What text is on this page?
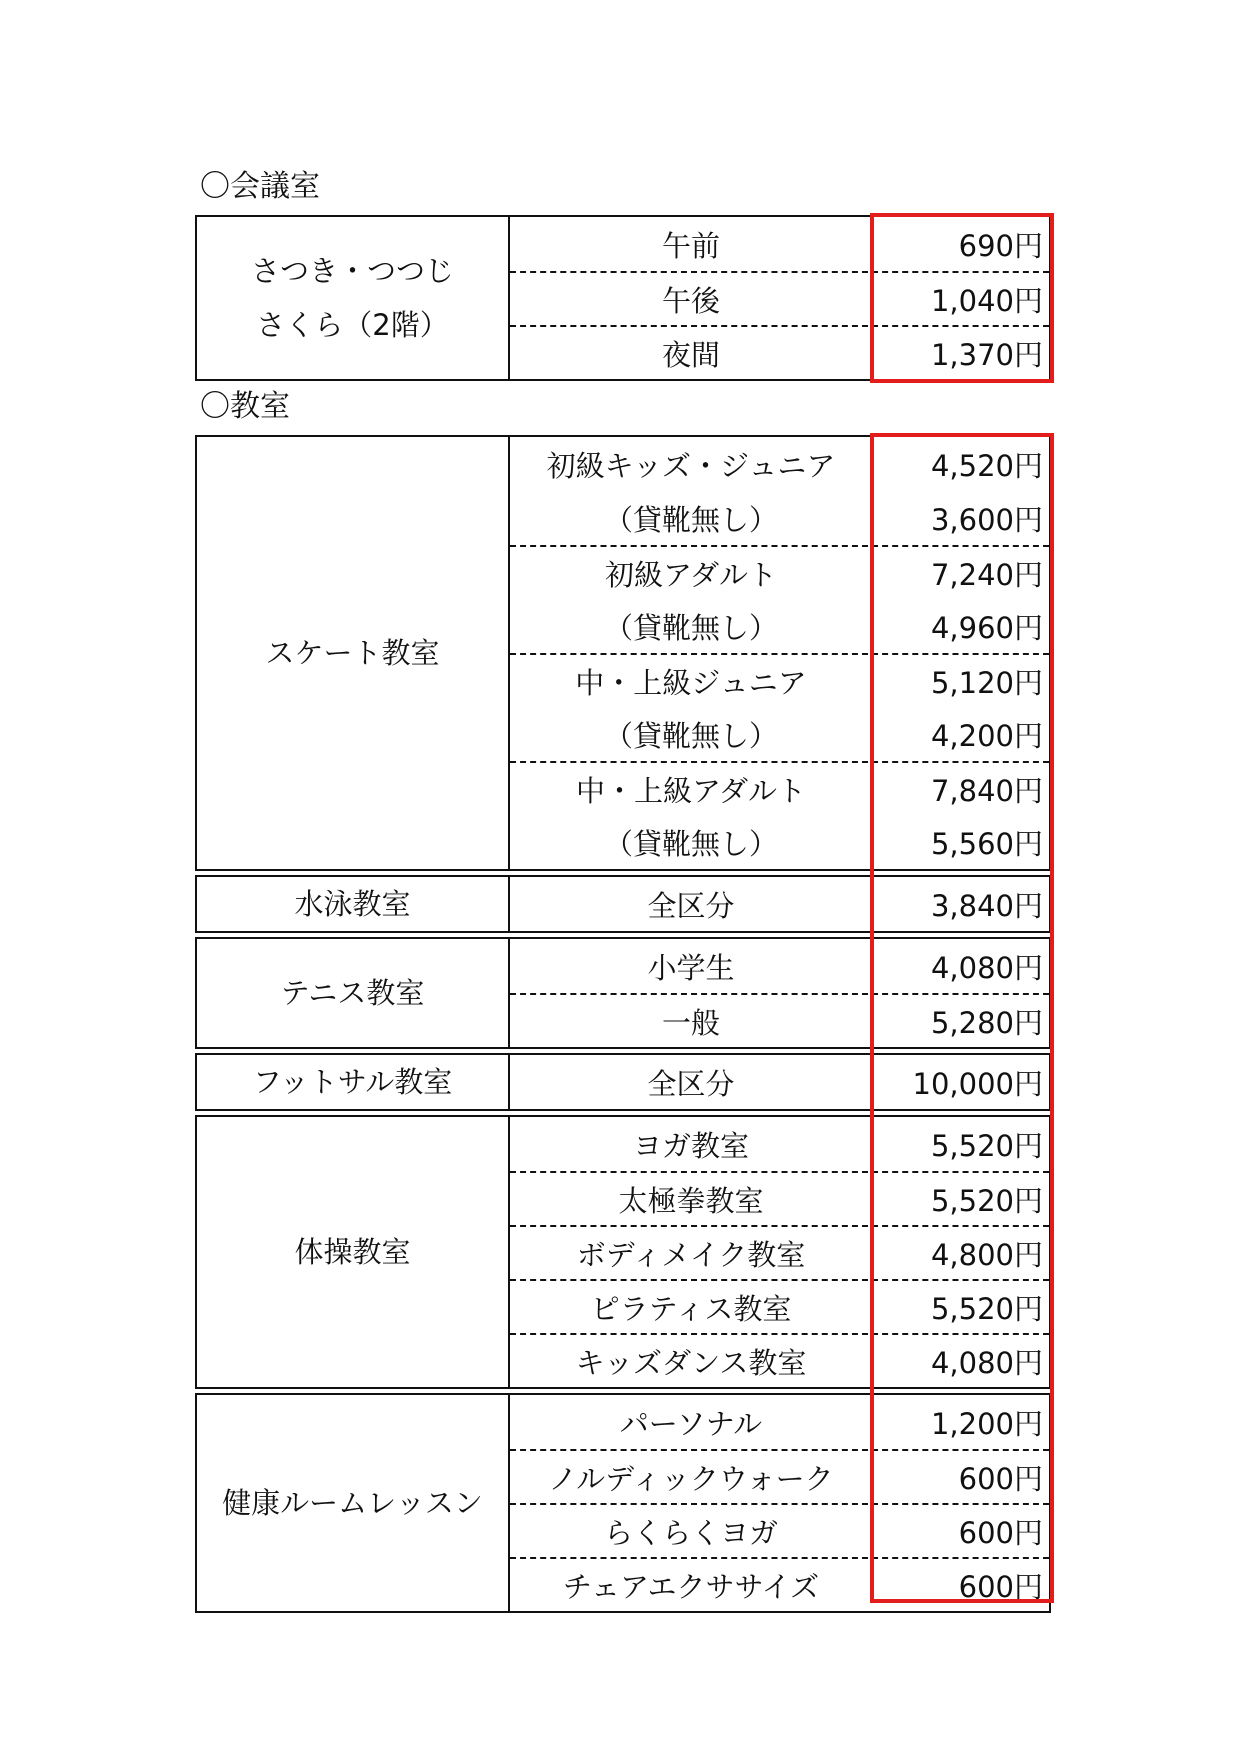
〇会議室
さつき・つつじ
さくら（2階）
午前	690円
午後	1,040円
夜間	1,370円
〇教室
スケート教室
初級キッズ・ジュニア	4,520円
（貸靴無し）	3,600円
初級アダルト	7,240円
（貸靴無し）	4,960円
中・上級ジュニア	5,120円
（貸靴無し）	4,200円
中・上級アダルト	7,840円
（貸靴無し）	5,560円
水泳教室	全区分	3,840円
テニス教室
小学生	4,080円
一般	5,280円
フットサル教室	全区分	10,000円
体操教室
ヨガ教室	5,520円
太極拳教室	5,520円
ボディメイク教室	4,800円
ピラティス教室	5,520円
キッズダンス教室	4,080円
健康ルームレッスン
パーソナル	1,200円
ノルディックウォーク	600円
らくらくヨガ	600円
チェアエクササイズ	600円
